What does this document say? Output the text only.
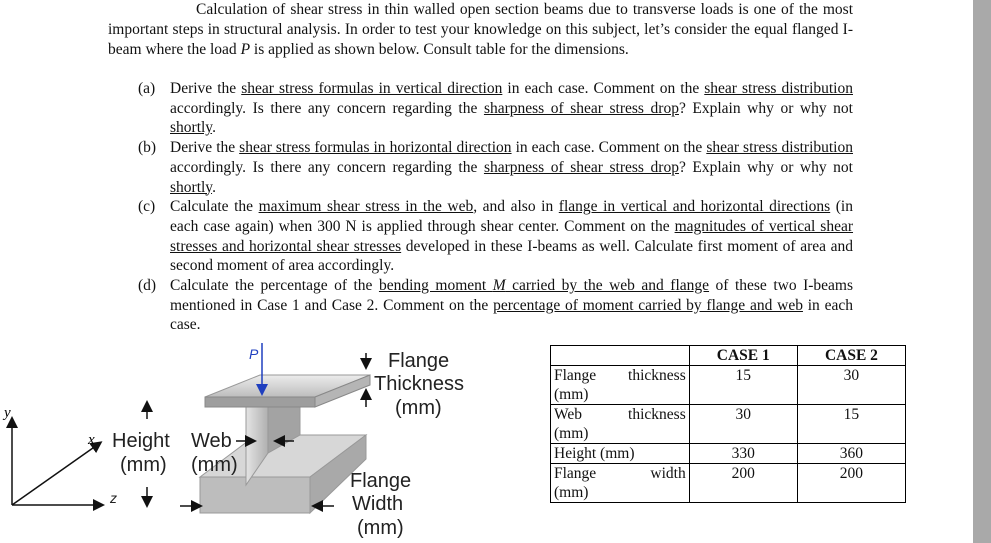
Calculation of shear stress in thin walled open section beams due to transverse loads is one of the most important steps in structural analysis. In order to test your knowledge on this subject, let’s consider the equal flanged I-beam where the load P is applied as shown below. Consult table for the dimensions.
(a) Derive the shear stress formulas in vertical direction in each case. Comment on the shear stress distribution accordingly. Is there any concern regarding the sharpness of shear stress drop? Explain why or why not shortly.
(b) Derive the shear stress formulas in horizontal direction in each case. Comment on the shear stress distribution accordingly. Is there any concern regarding the sharpness of shear stress drop? Explain why or why not shortly.
(c) Calculate the maximum shear stress in the web, and also in flange in vertical and horizontal directions (in each case again) when 300 N is applied through shear center. Comment on the magnitudes of vertical shear stresses and horizontal shear stresses developed in these I-beams as well. Calculate first moment of area and second moment of area accordingly.
(d) Calculate the percentage of the bending moment M carried by the web and flange of these two I-beams mentioned in Case 1 and Case 2. Comment on the percentage of moment carried by flange and web in each case.
y
x
z
P	Flange
Thickness
(mm)
Height
(mm)
Web
(mm)
Flange
Width
(mm)
	CASE 1	CASE 2

Flange thickness
(mm)	15	30

Web thickness
(mm)	30	15
Height (mm)	330	360

Flange width
(mm)	200	200
